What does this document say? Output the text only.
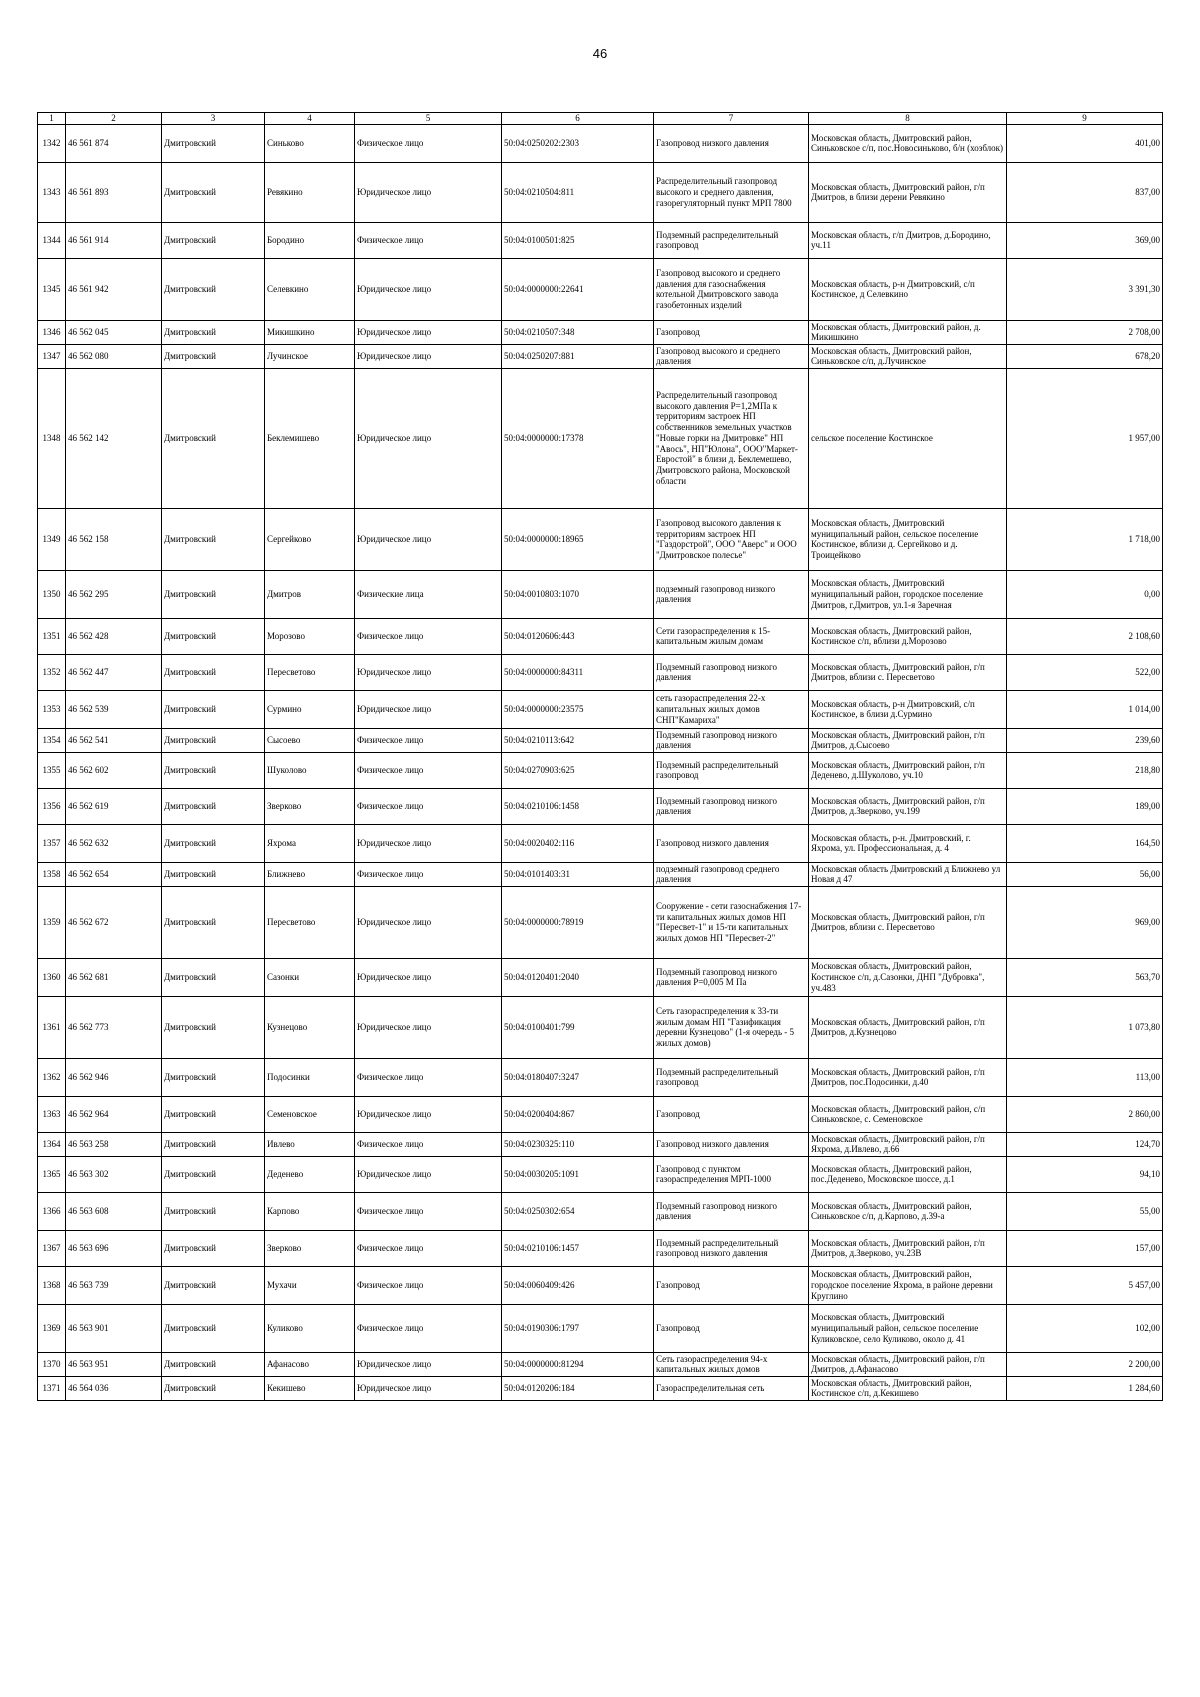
46
1	2	3	4	5	6	7	8	9
1342	46 561 874	Дмитровский	Синьково	Физическое лицо	50:04:0250202:2303	Газопровод низкого давления	Московская область, Дмитровский район, Синьковское с/п, пос.Новосиньково, б/н (хозблок)	401,00
1343	46 561 893	Дмитровский	Ревякино	Юридическое лицо	50:04:0210504:811	Распределительный газопровод высокого и среднего давления, газорегуляторный пункт МРП 7800	Московская область, Дмитровский район, г/п Дмитров, в близи дерени Ревякино	837,00
1344	46 561 914	Дмитровский	Бородино	Физическое лицо	50:04:0100501:825	Подземный распределительный газопровод	Московская область, г/п Дмитров, д.Бородино, уч.11	369,00
1345	46 561 942	Дмитровский	Селевкино	Юридическое лицо	50:04:0000000:22641	Газопровод высокого и среднего давления для газоснабжения котельной Дмитровского завода газобетонных изделий	Московская область, р-н Дмитровский, с/п Костинское, д Селевкино	3 391,30
1346	46 562 045	Дмитровский	Микишкино	Юридическое лицо	50:04:0210507:348	Газопровод	Московская область, Дмитровский район, д. Микишкино	2 708,00
1347	46 562 080	Дмитровский	Лучинское	Юридическое лицо	50:04:0250207:881	Газопровод высокого и среднего давления	Московская область, Дмитровский район, Синьковское с/п, д.Лучинское	678,20
1348	46 562 142	Дмитровский	Беклемишево	Юридическое лицо	50:04:0000000:17378	Распределительный газопровод высокого давления P=1,2МПа к территориям застроек НП собственников земельных участков "Новые горки на Дмитровке" НП "Авось", НП"Юлона", ООО"Маркет-Евростой" в близи д. Беклемешево, Дмитровского района, Московской области	сельское поселение Костинское	1 957,00
1349	46 562 158	Дмитровский	Сергейково	Юридическое лицо	50:04:0000000:18965	Газопровод высокого давления к территориям застроек НП "Газдорстрой", ООО "Аверс" и ООО "Дмитровское полесье"	Московская область, Дмитровский муниципальный район, сельское поселение Костинское, вблизи д. Сергейково и д. Троицейково	1 718,00
1350	46 562 295	Дмитровский	Дмитров	Физические лица	50:04:0010803:1070	подземный газопровод низкого давления	Московская область, Дмитровский муниципальный район, городское поселение Дмитров, г.Дмитров, ул.1-я Заречная	0,00
1351	46 562 428	Дмитровский	Морозово	Физическое лицо	50:04:0120606:443	Сети газораспределения к 15-капитальным жилым домам	Московская область, Дмитровский район, Костинское с/п, вблизи д.Морозово	2 108,60
1352	46 562 447	Дмитровский	Пересветово	Юридическое лицо	50:04:0000000:84311	Подземный газопровод низкого давления	Московская область, Дмитровский район, г/п Дмитров, вблизи с. Пересветово	522,00
1353	46 562 539	Дмитровский	Сурмино	Юридическое лицо	50:04:0000000:23575	сеть газораспределения 22-х капитальных жилых домов СНП"Камариха"	Московская область, р-н Дмитровский, с/п Костинское, в близи д.Сурмино	1 014,00
1354	46 562 541	Дмитровский	Сысоево	Физическое лицо	50:04:0210113:642	Подземный газопровод низкого давления	Московская область, Дмитровский район, г/п Дмитров, д.Сысоево	239,60
1355	46 562 602	Дмитровский	Шуколово	Физическое лицо	50:04:0270903:625	Подземный распределительный газопровод	Московская область, Дмитровский район, г/п Деденево, д.Шуколово, уч.10	218,80
1356	46 562 619	Дмитровский	Зверково	Физическое лицо	50:04:0210106:1458	Подземный газопровод низкого давления	Московская область, Дмитровский район, г/п Дмитров, д.Зверково, уч.199	189,00
1357	46 562 632	Дмитровский	Яхрома	Юридическое лицо	50:04:0020402:116	Газопровод низкого давления	Московская область, р-н. Дмитровский, г. Яхрома, ул. Профессиональная, д. 4	164,50
1358	46 562 654	Дмитровский	Ближнево	Физическое лицо	50:04:0101403:31	подземный газопровод среднего давления	Московская область Дмитровский д Ближнево ул Новая д 47	56,00
1359	46 562 672	Дмитровский	Пересветово	Юридическое лицо	50:04:0000000:78919	Сооружение - сети газоснабжения 17-ти капитальных жилых домов НП "Пересвет-1" и 15-ти капитальных жилых домов НП "Пересвет-2"	Московская область, Дмитровский район, г/п Дмитров, вблизи с. Пересветово	969,00
1360	46 562 681	Дмитровский	Сазонки	Юридическое лицо	50:04:0120401:2040	Подземный газопровод низкого давления P=0,005 М Па	Московская область, Дмитровский район, Костинское с/п, д.Сазонки, ДНП "Дубровка", уч.483	563,70
1361	46 562 773	Дмитровский	Кузнецово	Юридическое лицо	50:04:0100401:799	Сеть газораспределения к 33-ти жилым домам НП "Газификация деревни Кузнецово" (1-я очередь - 5 жилых домов)	Московская область, Дмитровский район, г/п Дмитров, д.Кузнецово	1 073,80
1362	46 562 946	Дмитровский	Подосинки	Физическое лицо	50:04:0180407:3247	Подземный распределительный газопровод	Московская область, Дмитровский район, г/п Дмитров, пос.Подосинки, д.40	113,00
1363	46 562 964	Дмитровский	Семеновское	Юридическое лицо	50:04:0200404:867	Газопровод	Московская область, Дмитровский район, с/п Синьковское, с. Семеновское	2 860,00
1364	46 563 258	Дмитровский	Ивлево	Физическое лицо	50:04:0230325:110	Газопровод низкого давления	Московская область, Дмитровский район, г/п Яхрома, д.Ивлево, д.66	124,70
1365	46 563 302	Дмитровский	Деденево	Юридическое лицо	50:04:0030205:1091	Газопровод с пунктом газораспределения МРП-1000	Московская область, Дмитровский район, пос.Деденево, Московское шоссе, д.1	94,10
1366	46 563 608	Дмитровский	Карпово	Физическое лицо	50:04:0250302:654	Подземный газопровод низкого давления	Московская область, Дмитровский район, Синьковское с/п, д.Карпово, д.39-а	55,00
1367	46 563 696	Дмитровский	Зверково	Физическое лицо	50:04:0210106:1457	Подземный распределительный газопровод низкого давления	Московская область, Дмитровский район, г/п Дмитров, д.Зверково, уч.23В	157,00
1368	46 563 739	Дмитровский	Мухачи	Физическое лицо	50:04:0060409:426	Газопровод	Московская область, Дмитровский район, городское поселение Яхрома, в районе деревни Круглино	5 457,00
1369	46 563 901	Дмитровский	Куликово	Физическое лицо	50:04:0190306:1797	Газопровод	Московская область, Дмитровский муниципальный район, сельское поселение Куликовское, село Куликово, около д. 41	102,00
1370	46 563 951	Дмитровский	Афанасово	Юридическое лицо	50:04:0000000:81294	Сеть газораспределения 94-х капитальных жилых домов	Московская область, Дмитровский район, г/п Дмитров, д.Афанасово	2 200,00
1371	46 564 036	Дмитровский	Кекишево	Юридическое лицо	50:04:0120206:184	Газораспределительная сеть	Московская область, Дмитровский район, Костинское с/п, д.Кекишево	1 284,60
